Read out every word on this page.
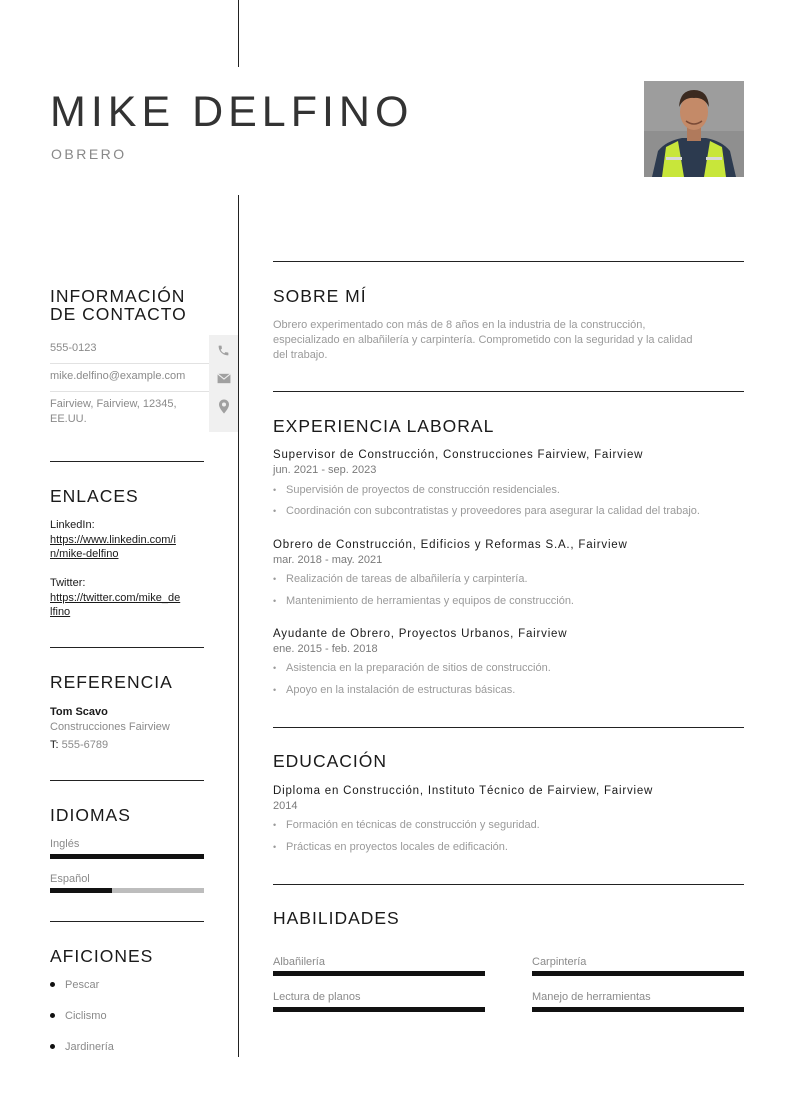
MIKE DELFINO
OBRERO
INFORMACIÓN
DE CONTACTO
555-0123
mike.delfino@example.com
Fairview, Fairview, 12345,
EE.UU.
ENLACES
LinkedIn:
https://www.linkedin.com/i
n/mike-delfino
Twitter:
https://twitter.com/mike_de
lfino
REFERENCIA
Tom Scavo
Construcciones Fairview
T: 555-6789
IDIOMAS
Inglés
Español
AFICIONES
Pescar
Ciclismo
Jardinería
SOBRE MÍ
Obrero experimentado con más de 8 años en la industria de la construcción,
especializado en albañilería y carpintería. Comprometido con la seguridad y la calidad
del trabajo.
EXPERIENCIA LABORAL
Supervisor de Construcción, Construcciones Fairview, Fairview
jun. 2021 - sep. 2023
• Supervisión de proyectos de construcción residenciales.
• Coordinación con subcontratistas y proveedores para asegurar la calidad del trabajo.
Obrero de Construcción, Edificios y Reformas S.A., Fairview
mar. 2018 - may. 2021
• Realización de tareas de albañilería y carpintería.
• Mantenimiento de herramientas y equipos de construcción.
Ayudante de Obrero, Proyectos Urbanos, Fairview
ene. 2015 - feb. 2018
• Asistencia en la preparación de sitios de construcción.
• Apoyo en la instalación de estructuras básicas.
EDUCACIÓN
Diploma en Construcción, Instituto Técnico de Fairview, Fairview
2014
• Formación en técnicas de construcción y seguridad.
• Prácticas en proyectos locales de edificación.
HABILIDADES
Albañilería	Carpintería
Lectura de planos	Manejo de herramientas
